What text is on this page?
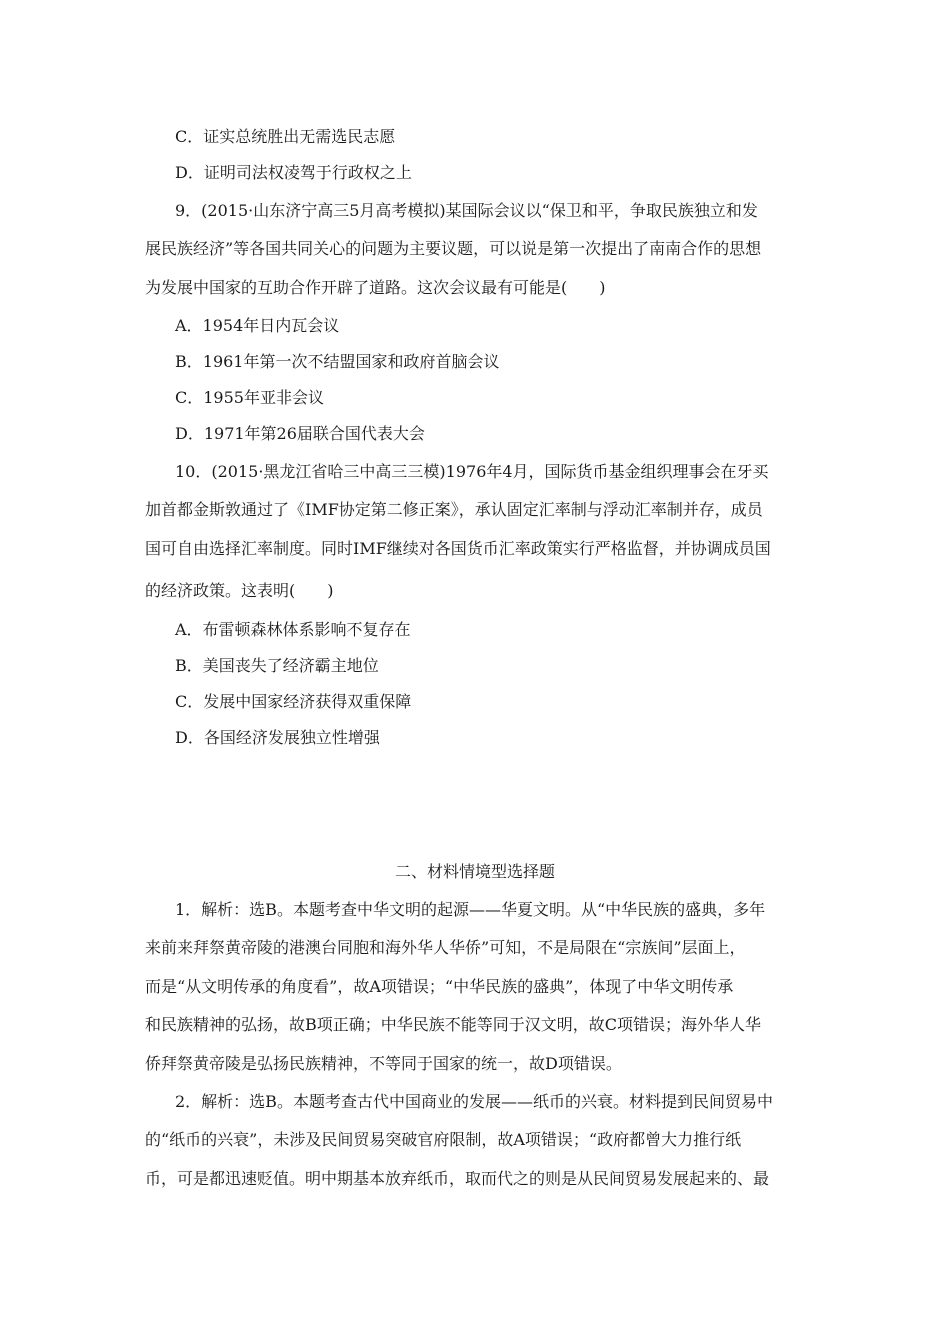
C．证实总统胜出无需选民志愿
D．证明司法权凌驾于行政权之上
9．(2015·山东济宁高三5月高考模拟)某国际会议以“保卫和平，争取民族独立和发
展民族经济”等各国共同关心的问题为主要议题，可以说是第一次提出了南南合作的思想
为发展中国家的互助合作开辟了道路。这次会议最有可能是(　　)
A．1954年日内瓦会议
B．1961年第一次不结盟国家和政府首脑会议
C．1955年亚非会议
D．1971年第26届联合国代表大会
10．(2015·黑龙江省哈三中高三三模)1976年4月，国际货币基金组织理事会在牙买
加首都金斯敦通过了《IMF协定第二修正案》，承认固定汇率制与浮动汇率制并存，成员
国可自由选择汇率制度。同时IMF继续对各国货币汇率政策实行严格监督，并协调成员国
的经济政策。这表明(　　)
A．布雷顿森林体系影响不复存在
B．美国丧失了经济霸主地位
C．发展中国家经济获得双重保障
D．各国经济发展独立性增强
二、材料情境型选择题
1．解析：选B。本题考查中华文明的起源——华夏文明。从“中华民族的盛典，多年
来前来拜祭黄帝陵的港澳台同胞和海外华人华侨”可知，不是局限在“宗族间”层面上，
而是“从文明传承的角度看”，故A项错误；“中华民族的盛典”，体现了中华文明传承
和民族精神的弘扬，故B项正确；中华民族不能等同于汉文明，故C项错误；海外华人华
侨拜祭黄帝陵是弘扬民族精神，不等同于国家的统一，故D项错误。
2．解析：选B。本题考查古代中国商业的发展——纸币的兴衰。材料提到民间贸易中
的“纸币的兴衰”，未涉及民间贸易突破官府限制，故A项错误；“政府都曾大力推行纸
币，可是都迅速贬值。明中期基本放弃纸币，取而代之的则是从民间贸易发展起来的、最
